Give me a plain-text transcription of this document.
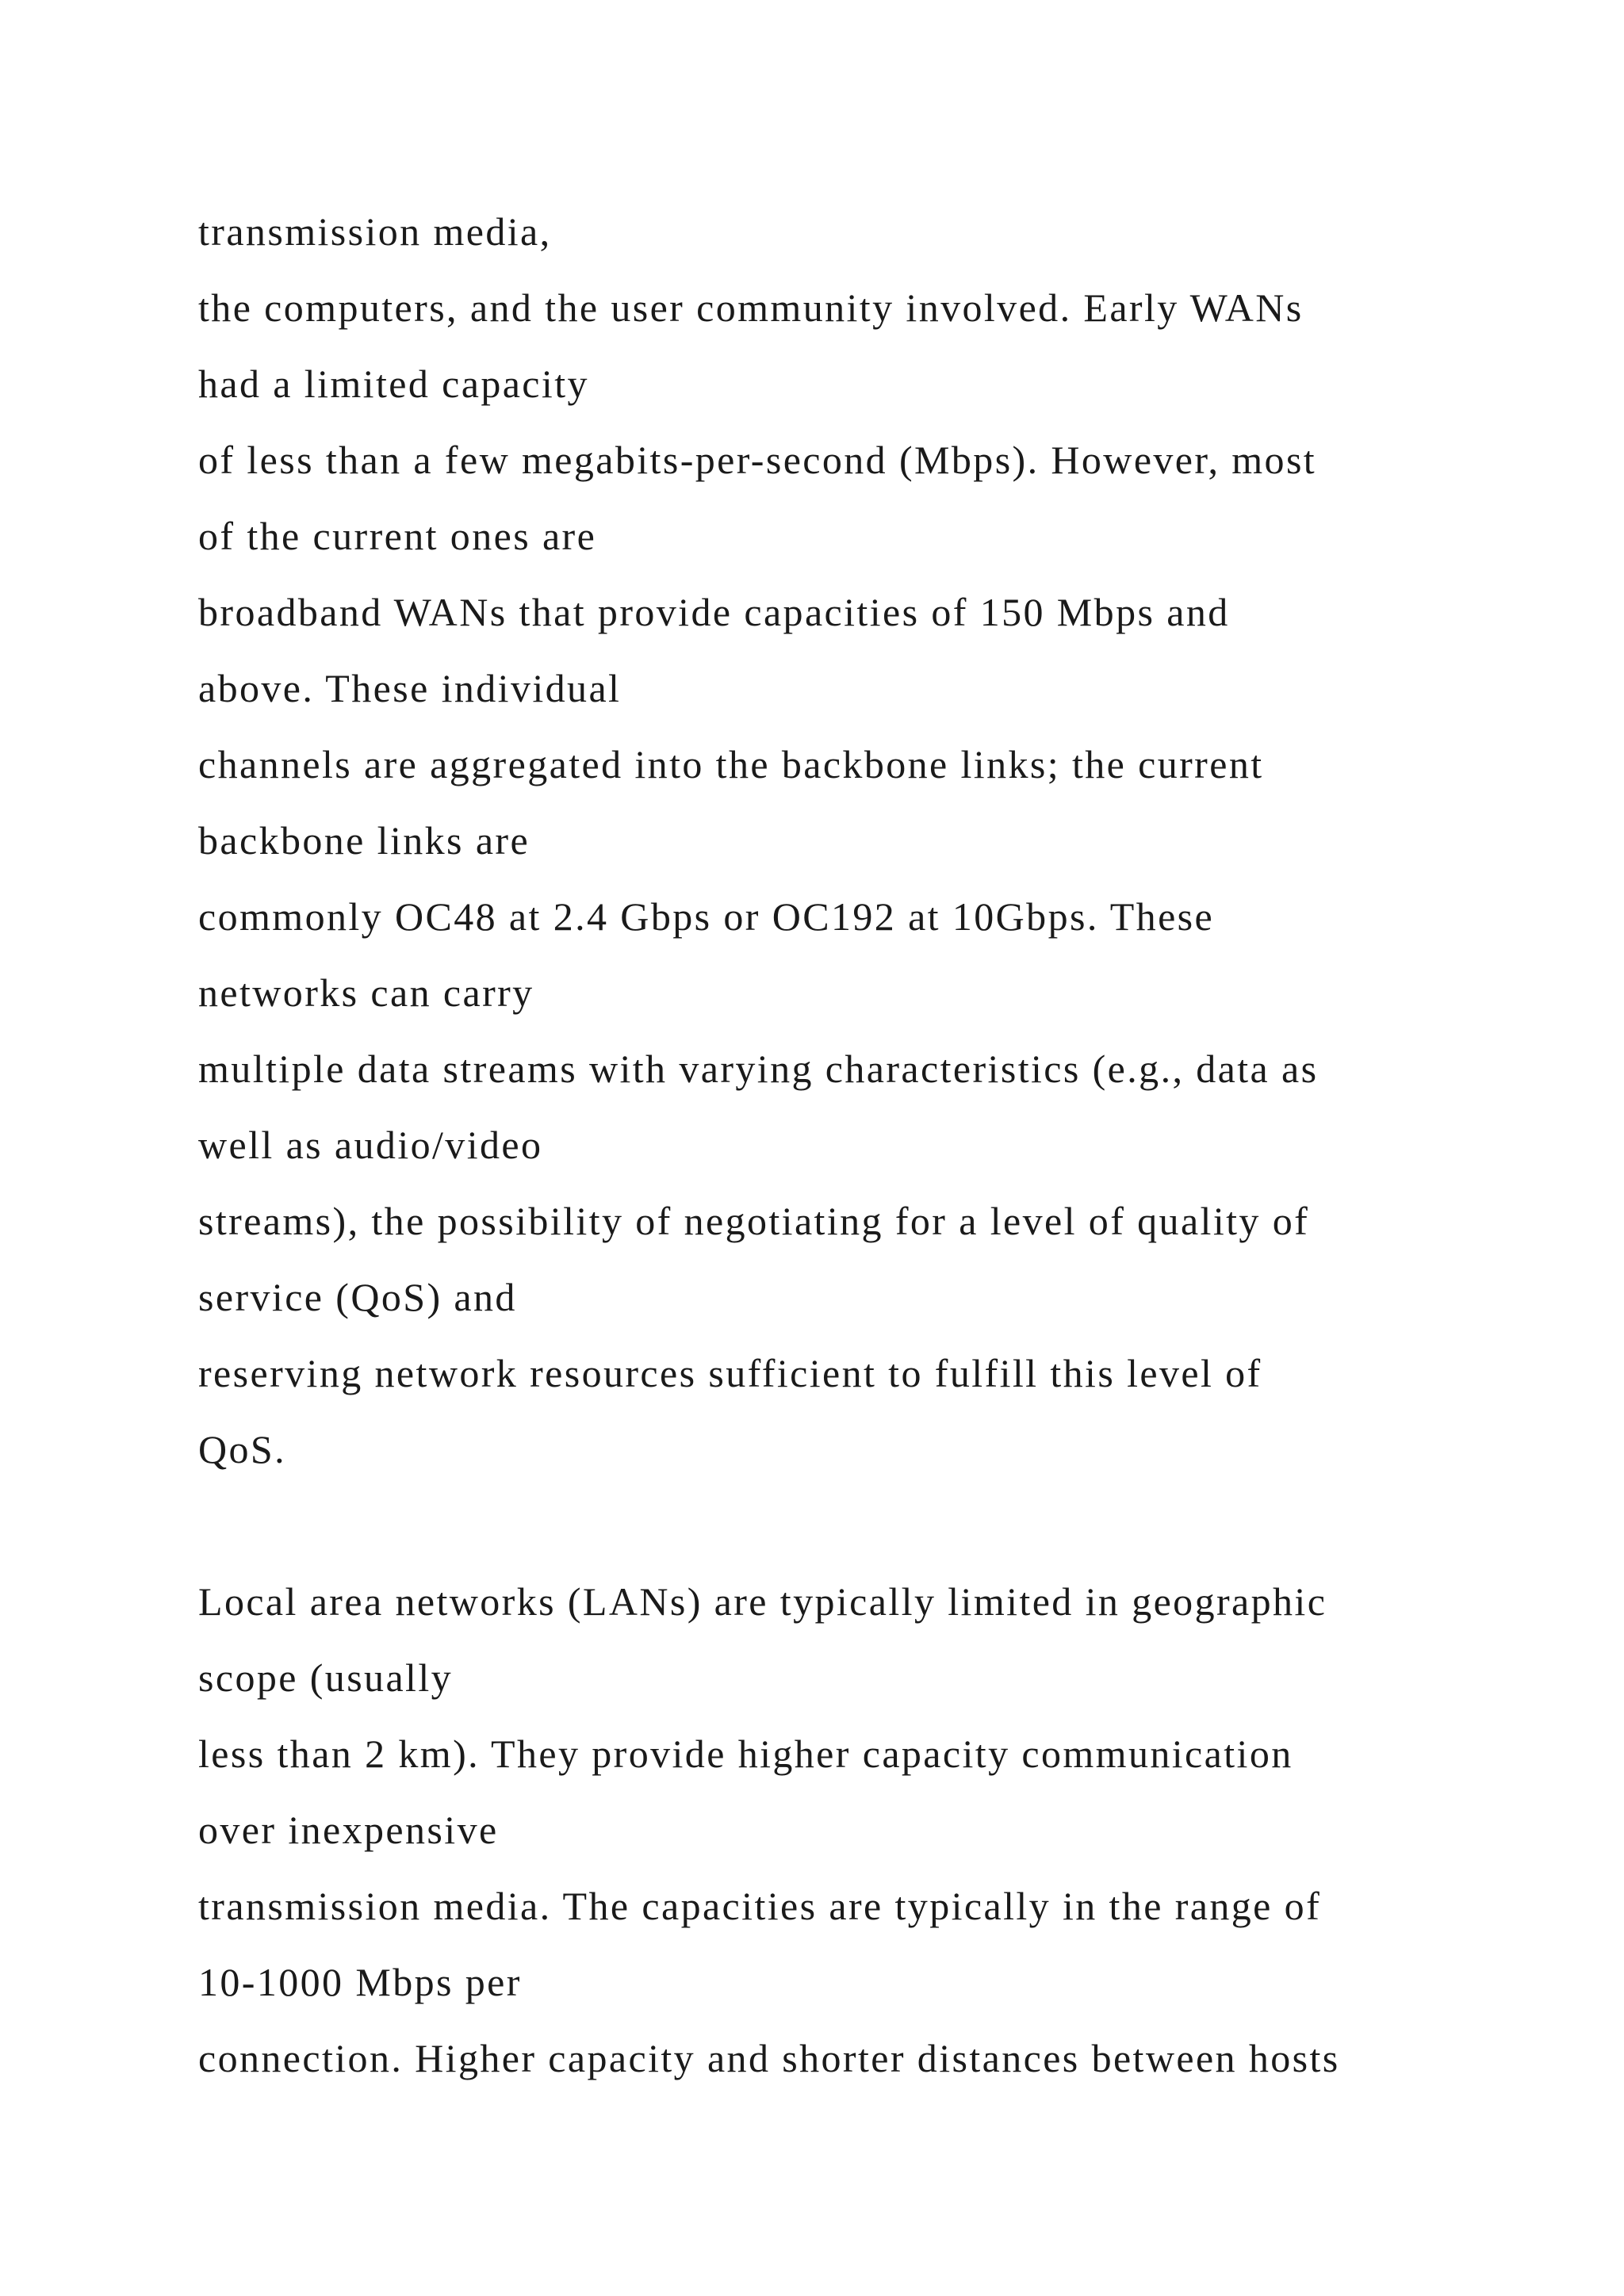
transmission media,
the computers, and the user community involved. Early WANs
had a limited capacity
of less than a few megabits-per-second (Mbps). However, most
of the current ones are
broadband WANs that provide capacities of 150 Mbps and
above. These individual
channels are aggregated into the backbone links; the current
backbone links are
commonly OC48 at 2.4 Gbps or OC192 at 10Gbps. These
networks can carry
multiple data streams with varying characteristics (e.g., data as
well as audio/video
streams), the possibility of negotiating for a level of quality of
service (QoS) and
reserving network resources sufficient to fulfill this level of
QoS.
Local area networks (LANs) are typically limited in geographic
scope (usually
less than 2 km). They provide higher capacity communication
over inexpensive
transmission media. The capacities are typically in the range of
10-1000 Mbps per
connection. Higher capacity and shorter distances between hosts
